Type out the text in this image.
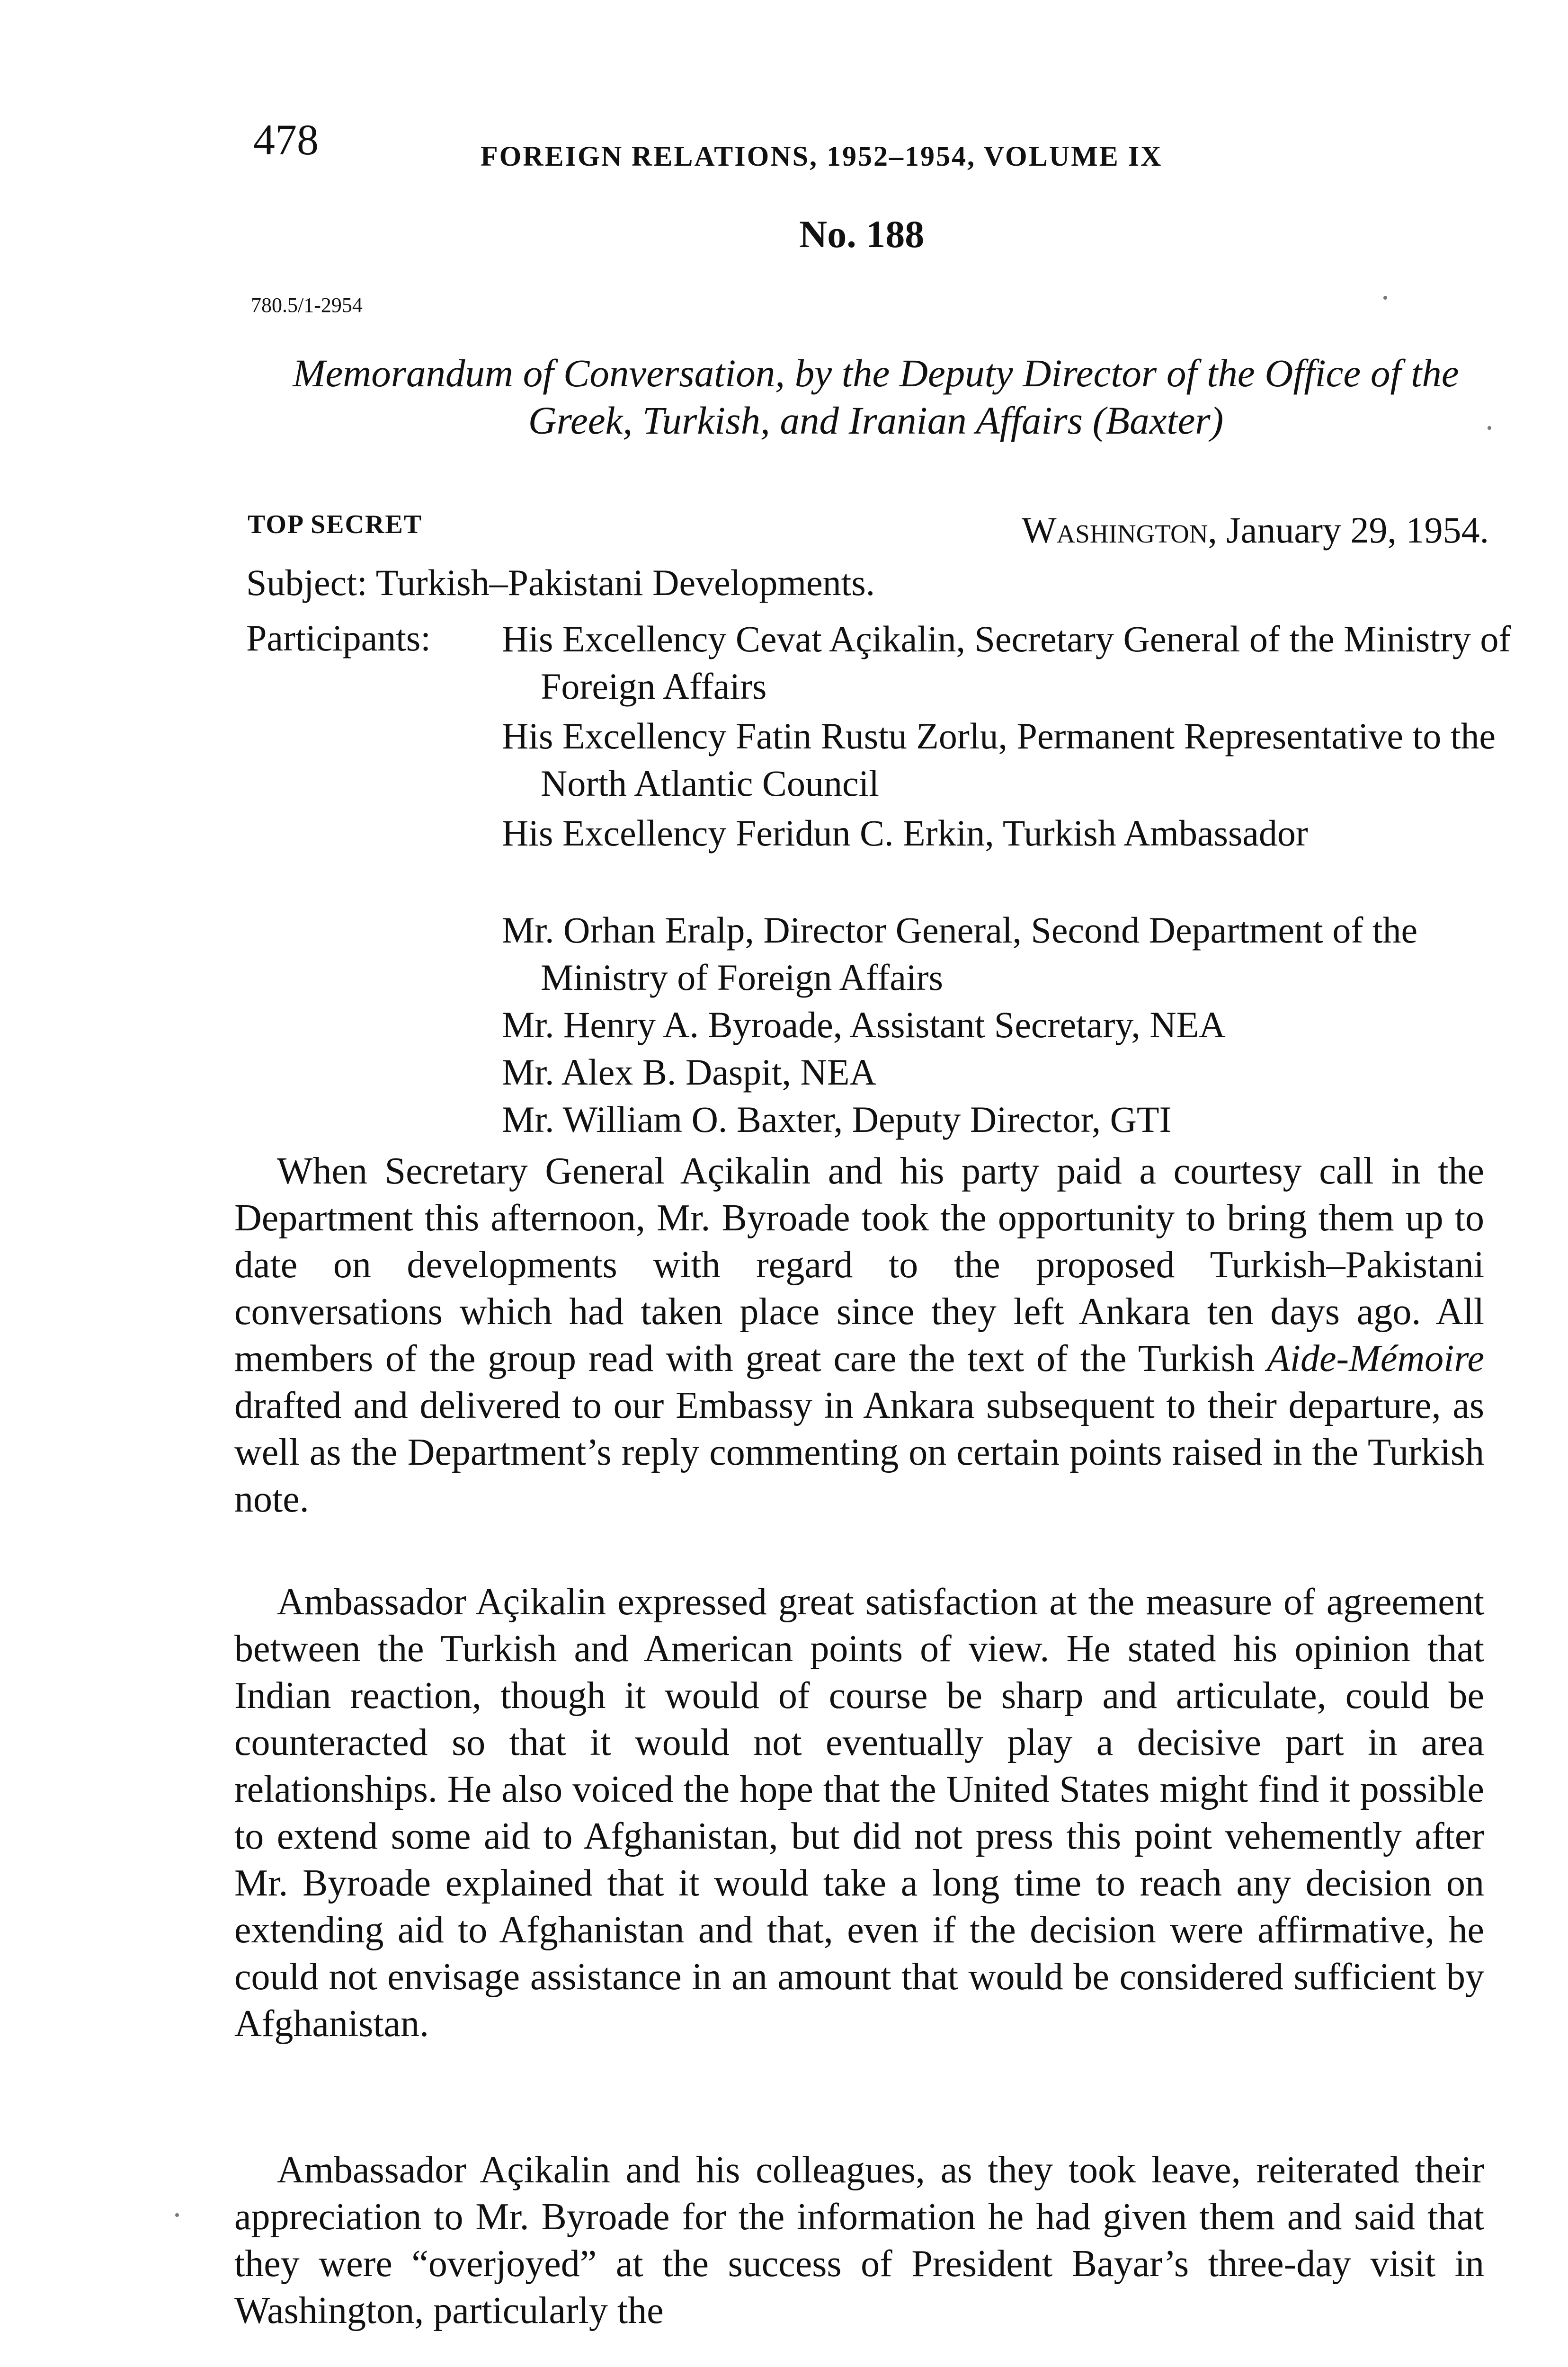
478	FOREIGN RELATIONS, 1952–1954, VOLUME IX
No. 188
780.5/1-2954
Memorandum of Conversation, by the Deputy Director of the Office of the Greek, Turkish, and Iranian Affairs (Baxter)
TOP SECRET	Washington, January 29, 1954.
Subject: Turkish–Pakistani Developments.
Participants: His Excellency Cevat Açikalin, Secretary General of the Ministry of Foreign Affairs
His Excellency Fatin Rustu Zorlu, Permanent Representative to the North Atlantic Council
His Excellency Feridun C. Erkin, Turkish Ambassador
Mr. Orhan Eralp, Director General, Second Department of the Ministry of Foreign Affairs
Mr. Henry A. Byroade, Assistant Secretary, NEA
Mr. Alex B. Daspit, NEA
Mr. William O. Baxter, Deputy Director, GTI

When Secretary General Açikalin and his party paid a courtesy call in the Department this afternoon, Mr. Byroade took the opportunity to bring them up to date on developments with regard to the proposed Turkish–Pakistani conversations which had taken place since they left Ankara ten days ago. All members of the group read with great care the text of the Turkish Aide-Mémoire drafted and delivered to our Embassy in Ankara subsequent to their departure, as well as the Department’s reply commenting on certain points raised in the Turkish note.

Ambassador Açikalin expressed great satisfaction at the measure of agreement between the Turkish and American points of view. He stated his opinion that Indian reaction, though it would of course be sharp and articulate, could be counteracted so that it would not eventually play a decisive part in area relationships. He also voiced the hope that the United States might find it possible to extend some aid to Afghanistan, but did not press this point vehemently after Mr. Byroade explained that it would take a long time to reach any decision on extending aid to Afghanistan and that, even if the decision were affirmative, he could not envisage assistance in an amount that would be considered sufficient by Afghanistan.

Ambassador Açikalin and his colleagues, as they took leave, reiterated their appreciation to Mr. Byroade for the information he had given them and said that they were “overjoyed” at the success of President Bayar’s three-day visit in Washington, particularly the
